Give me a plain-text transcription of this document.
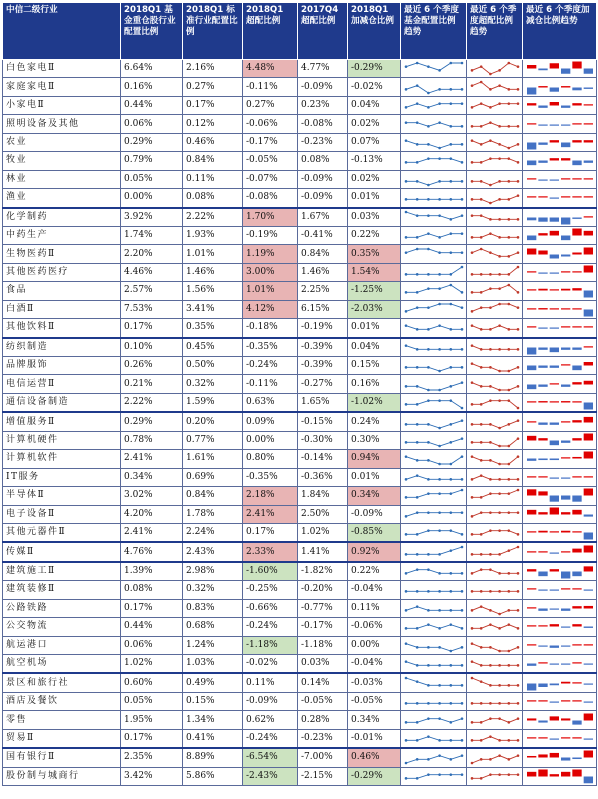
中信二级行业	2018Q1 基金重仓股行业配置比例	2018Q1 标准行业配置比例	2018Q1 超配比例	2017Q4 超配比例	2018Q1 加减仓比例	最近 6 个季度基金配置比例趋势	最近 6 个季度超配比例趋势	最近 6 个季度加减仓比例趋势
白色家电Ⅱ	6.64%	2.16%	4.48%	4.77%	-0.29%	

家庭家电Ⅱ	0.16%	0.27%	-0.11%	-0.09%	-0.02%	

小家电Ⅱ	0.44%	0.17%	0.27%	0.23%	0.04%	

照明设备及其他	0.06%	0.12%	-0.06%	-0.08%	0.02%	

农业	0.29%	0.46%	-0.17%	-0.23%	0.07%	

牧业	0.79%	0.84%	-0.05%	0.08%	-0.13%	

林业	0.05%	0.11%	-0.07%	-0.09%	0.02%	

渔业	0.00%	0.08%	-0.08%	-0.09%	0.01%	

化学制药	3.92%	2.22%	1.70%	1.67%	0.03%	

中药生产	1.74%	1.93%	-0.19%	-0.41%	0.22%	

生物医药Ⅱ	2.20%	1.01%	1.19%	0.84%	0.35%	

其他医药医疗	4.46%	1.46%	3.00%	1.46%	1.54%	

食品	2.57%	1.56%	1.01%	2.25%	-1.25%	

白酒Ⅱ	7.53%	3.41%	4.12%	6.15%	-2.03%	

其他饮料Ⅱ	0.17%	0.35%	-0.18%	-0.19%	0.01%	

纺织制造	0.10%	0.45%	-0.35%	-0.39%	0.04%	

品牌服饰	0.26%	0.50%	-0.24%	-0.39%	0.15%	

电信运营Ⅱ	0.21%	0.32%	-0.11%	-0.27%	0.16%	

通信设备制造	2.22%	1.59%	0.63%	1.65%	-1.02%	

增值服务Ⅱ	0.29%	0.20%	0.09%	-0.15%	0.24%	

计算机硬件	0.78%	0.77%	0.00%	-0.30%	0.30%	

计算机软件	2.41%	1.61%	0.80%	-0.14%	0.94%	

IT服务	0.34%	0.69%	-0.35%	-0.36%	0.01%	

半导体Ⅱ	3.02%	0.84%	2.18%	1.84%	0.34%	

电子设备Ⅱ	4.20%	1.78%	2.41%	2.50%	-0.09%	

其他元器件Ⅱ	2.41%	2.24%	0.17%	1.02%	-0.85%	

传媒Ⅱ	4.76%	2.43%	2.33%	1.41%	0.92%	

建筑施工Ⅱ	1.39%	2.98%	-1.60%	-1.82%	0.22%	

建筑装修Ⅱ	0.08%	0.32%	-0.25%	-0.20%	-0.04%	

公路铁路	0.17%	0.83%	-0.66%	-0.77%	0.11%	

公交物流	0.44%	0.68%	-0.24%	-0.17%	-0.06%	

航运港口	0.06%	1.24%	-1.18%	-1.18%	0.00%	

航空机场	1.02%	1.03%	-0.02%	0.03%	-0.04%	

景区和旅行社	0.60%	0.49%	0.11%	0.14%	-0.03%	

酒店及餐饮	0.05%	0.15%	-0.09%	-0.05%	-0.05%	

零售	1.95%	1.34%	0.62%	0.28%	0.34%	

贸易Ⅱ	0.17%	0.41%	-0.24%	-0.23%	-0.01%	

国有银行Ⅱ	2.35%	8.89%	-6.54%	-7.00%	0.46%	

股份制与城商行	3.42%	5.86%	-2.43%	-2.15%	-0.29%	
